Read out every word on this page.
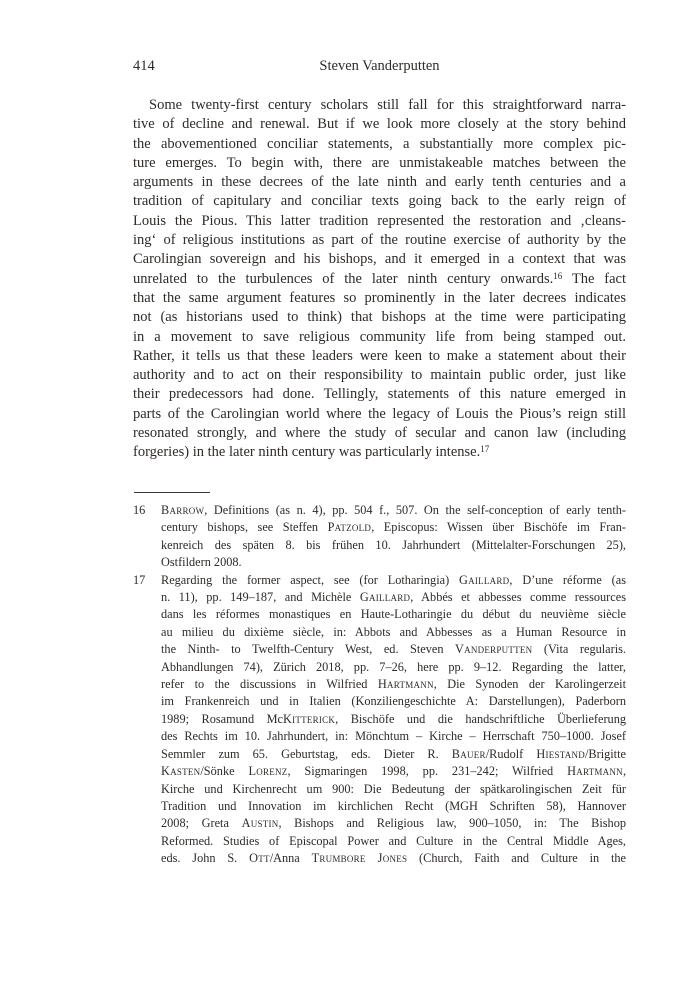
414	Steven Vanderputten
Some twenty-first century scholars still fall for this straightforward narra-
tive of decline and renewal. But if we look more closely at the story behind
the abovementioned conciliar statements, a substantially more complex pic-
ture emerges. To begin with, there are unmistakeable matches between the
arguments in these decrees of the late ninth and early tenth centuries and a
tradition of capitulary and conciliar texts going back to the early reign of
Louis the Pious. This latter tradition represented the restoration and ‚cleans-
ing‘ of religious institutions as part of the routine exercise of authority by the
Carolingian sovereign and his bishops, and it emerged in a context that was
unrelated to the turbulences of the later ninth century onwards.$^{16}$ The fact
that the same argument features so prominently in the later decrees indicates
not (as historians used to think) that bishops at the time were participating
in a movement to save religious community life from being stamped out.
Rather, it tells us that these leaders were keen to make a statement about their
authority and to act on their responsibility to maintain public order, just like
their predecessors had done. Tellingly, statements of this nature emerged in
parts of the Carolingian world where the legacy of Louis the Pious’s reign still
resonated strongly, and where the study of secular and canon law (including
forgeries) in the later ninth century was particularly intense.$^{17}$
16	Barrow, Definitions (as n. 4), pp. 504 f., 507. On the self-conception of early tenth-
century bishops, see Steffen Patzold, Episcopus: Wissen über Bischöfe im Fran-
kenreich des späten 8. bis frühen 10. Jahrhundert (Mittelalter-Forschungen 25),
Ostfildern 2008.
17	Regarding the former aspect, see (for Lotharingia) Gaillard, D’une réforme (as
n. 11), pp. 149–187, and Michèle Gaillard, Abbés et abbesses comme ressources
dans les réformes monastiques en Haute-Lotharingie du début du neuvième siècle
au milieu du dixième siècle, in: Abbots and Abbesses as a Human Resource in
the Ninth- to Twelfth-Century West, ed. Steven Vanderputten (Vita regularis.
Abhandlungen 74), Zürich 2018, pp. 7–26, here pp. 9–12. Regarding the latter,
refer to the discussions in Wilfried Hartmann, Die Synoden der Karolingerzeit
im Frankenreich und in Italien (Konziliengeschichte A: Darstellungen), Paderborn
1989; Rosamund McKitterick, Bischöfe und die handschriftliche Überlieferung
des Rechts im 10. Jahrhundert, in: Mönchtum – Kirche – Herrschaft 750–1000. Josef
Semmler zum 65. Geburtstag, eds. Dieter R. Bauer/Rudolf Hiestand/Brigitte
Kasten/Sönke Lorenz, Sigmaringen 1998, pp. 231–242; Wilfried Hartmann,
Kirche und Kirchenrecht um 900: Die Bedeutung der spätkarolingischen Zeit für
Tradition und Innovation im kirchlichen Recht (MGH Schriften 58), Hannover
2008; Greta Austin, Bishops and Religious law, 900–1050, in: The Bishop
Reformed. Studies of Episcopal Power and Culture in the Central Middle Ages,
eds. John S. Ott/Anna Trumbore Jones (Church, Faith and Culture in the
